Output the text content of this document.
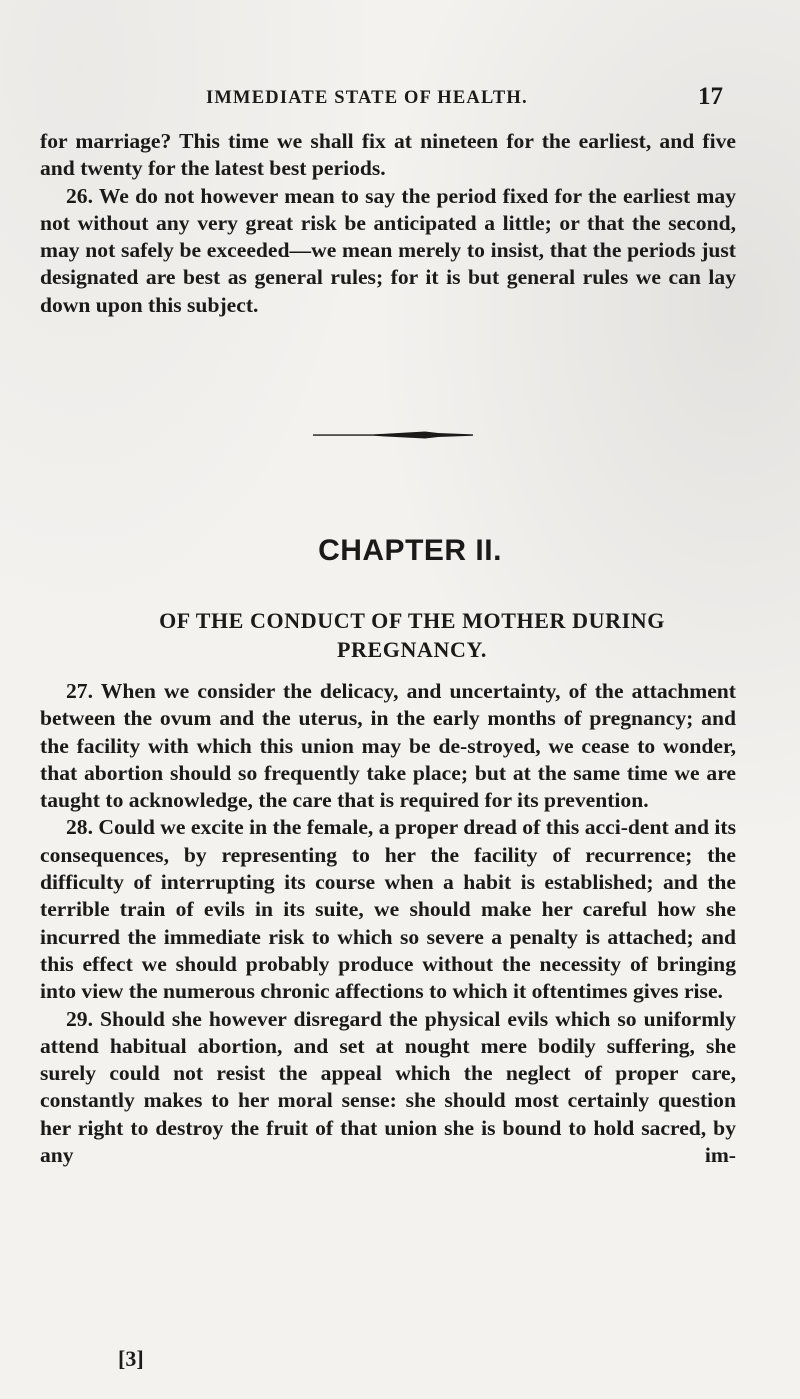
IMMEDIATE STATE OF HEALTH.	17

for marriage? This time we shall fix at nineteen for the earliest, and five and twenty for the latest best periods.

26. We do not however mean to say the period fixed for the earliest may not without any very great risk be anticipated a little; or that the second, may not safely be exceeded—we mean merely to insist, that the periods just designated are best as general rules; for it is but general rules we can lay down upon this subject.

CHAPTER II.
OF THE CONDUCT OF THE MOTHER DURING
PREGNANCY.

27. When we consider the delicacy, and uncertainty, of the attachment between the ovum and the uterus, in the early months of pregnancy; and the facility with which this union may be de-stroyed, we cease to wonder, that abortion should so frequently take place; but at the same time we are taught to acknowledge, the care that is required for its prevention.

28. Could we excite in the female, a proper dread of this acci-dent and its consequences, by representing to her the facility of recurrence; the difficulty of interrupting its course when a habit is established; and the terrible train of evils in its suite, we should make her careful how she incurred the immediate risk to which so severe a penalty is attached; and this effect we should probably produce without the necessity of bringing into view the numerous chronic affections to which it oftentimes gives rise.

29. Should she however disregard the physical evils which so uniformly attend habitual abortion, and set at nought mere bodily suffering, she surely could not resist the appeal which the neglect of proper care, constantly makes to her moral sense: she should most certainly question her right to destroy the fruit of that union she is bound to hold sacred, by any im-

[3]
